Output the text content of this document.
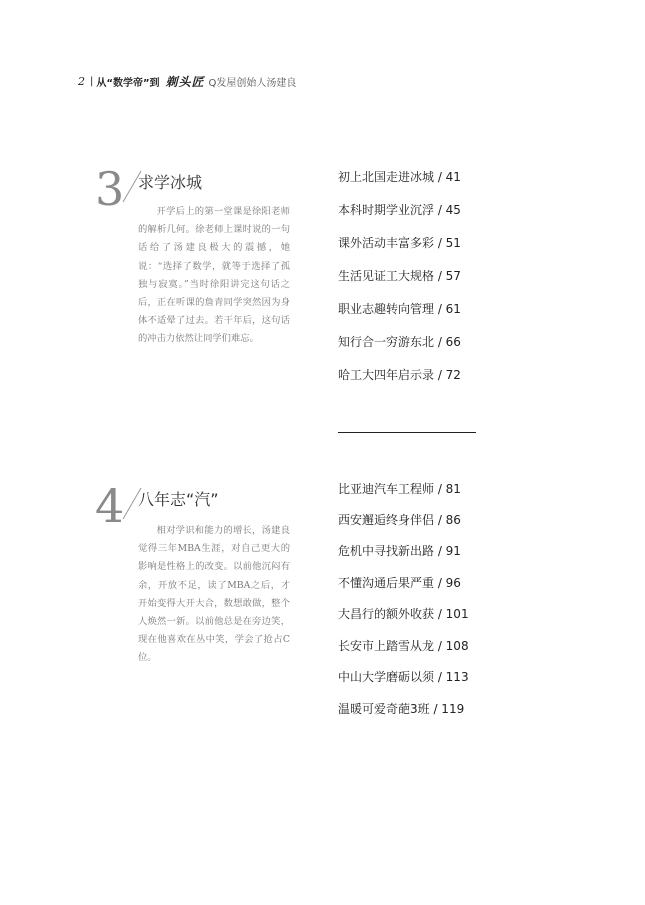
2 | 从“数学帝”到 剃头匠 Q发屋创始人汤建良
3 求学冰城
开学后上的第一堂课是徐阳老师的解析几何。徐老师上课时说的一句话给了汤建良极大的震撼，她说：“选择了数学，就等于选择了孤独与寂寞。”当时徐阳讲完这句话之后，正在听课的詹青同学突然因为身体不适晕了过去。若干年后，这句话的冲击力依然让同学们难忘。
初上北国走进冰城 / 41
本科时期学业沉浮 / 45
课外活动丰富多彩 / 51
生活见证工大规格 / 57
职业志趣转向管理 / 61
知行合一穷游东北 / 66
哈工大四年启示录 / 72
4 八年志“汽”
相对学识和能力的增长，汤建良觉得三年MBA生涯，对自己更大的影响是性格上的改变。以前他沉闷有余，开放不足，读了MBA之后，才开始变得大开大合，数想敢做，整个人焕然一新。以前他总是在旁边笑，现在他喜欢在丛中笑，学会了抢占C位。
比亚迪汽车工程师 / 81
西安邂逅终身伴侣 / 86
危机中寻找新出路 / 91
不懂沟通后果严重 / 96
大昌行的额外收获 / 101
长安市上踏雪从龙 / 108
中山大学磨砺以须 / 113
温暖可爱奇葩3班 / 119
